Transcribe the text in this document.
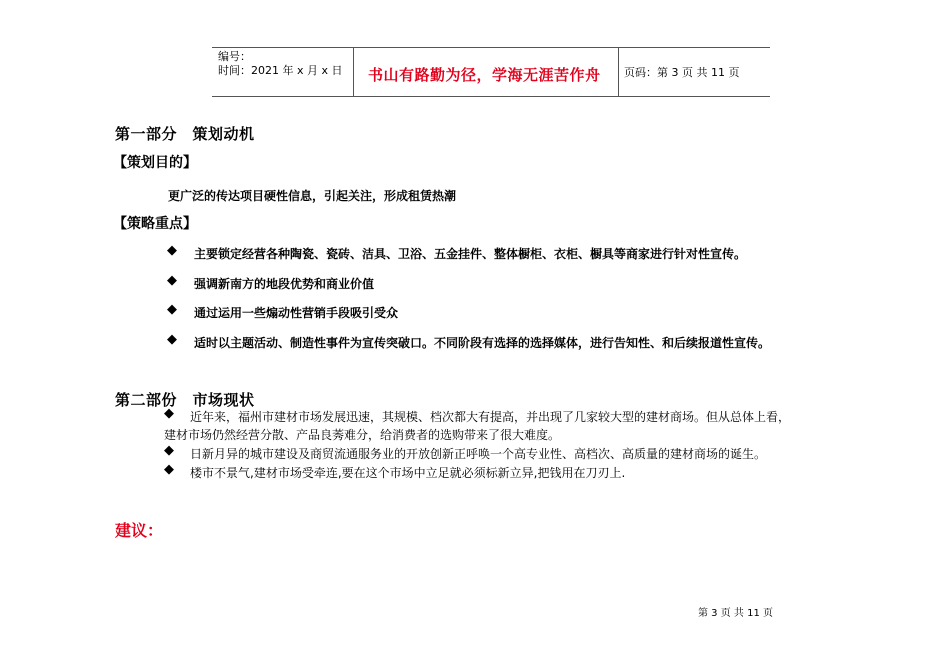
编号：
时间：2021 年 x 月 x 日 书山有路勤为径，学海无涯苦作舟 页码：第 3 页 共 11 页
第一部分　策划动机
【策划目的】
更广泛的传达项目硬性信息，引起关注，形成租赁热潮
【策略重点】
◆ 主要锁定经营各种陶瓷、瓷砖、洁具、卫浴、五金挂件、整体橱柜、衣柜、橱具等商家进行针对性宣传。
◆ 强调新南方的地段优势和商业价值
◆ 通过运用一些煽动性营销手段吸引受众
◆ 适时以主题活动、制造性事件为宣传突破口。不同阶段有选择的选择媒体，进行告知性、和后续报道性宣传。
第二部份　市场现状
◆ 近年来，福州市建材市场发展迅速，其规模、档次都大有提高，并出现了几家较大型的建材商场。但从总体上看，
建材市场仍然经营分散、产品良莠难分，给消费者的选购带来了很大难度。
◆ 日新月异的城市建设及商贸流通服务业的开放创新正呼唤一个高专业性、高档次、高质量的建材商场的诞生。
◆ 楼市不景气,建材市场受牵连,要在这个市场中立足就必须标新立异,把钱用在刀刃上.
建议：
第 3 页 共 11 页
